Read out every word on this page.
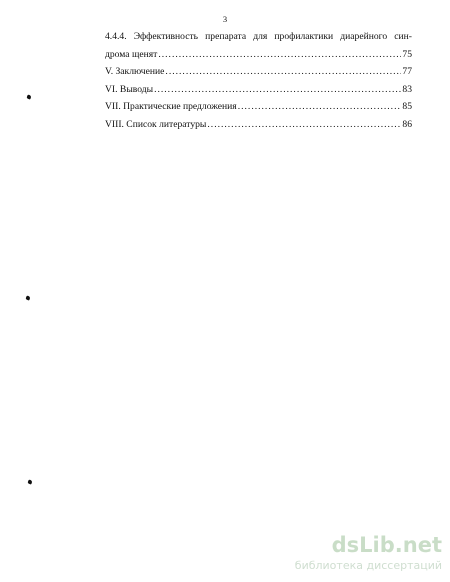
3
4.4.4. Эффективность препарата для профилактики диарейного син-
дрома щенят .....	75
V. Заключение .....	77
VI. Выводы .....	83
VII. Практические предложения .....	85
VIII. Список литературы .....	86
dsLib.net
библиотека диссертаций
